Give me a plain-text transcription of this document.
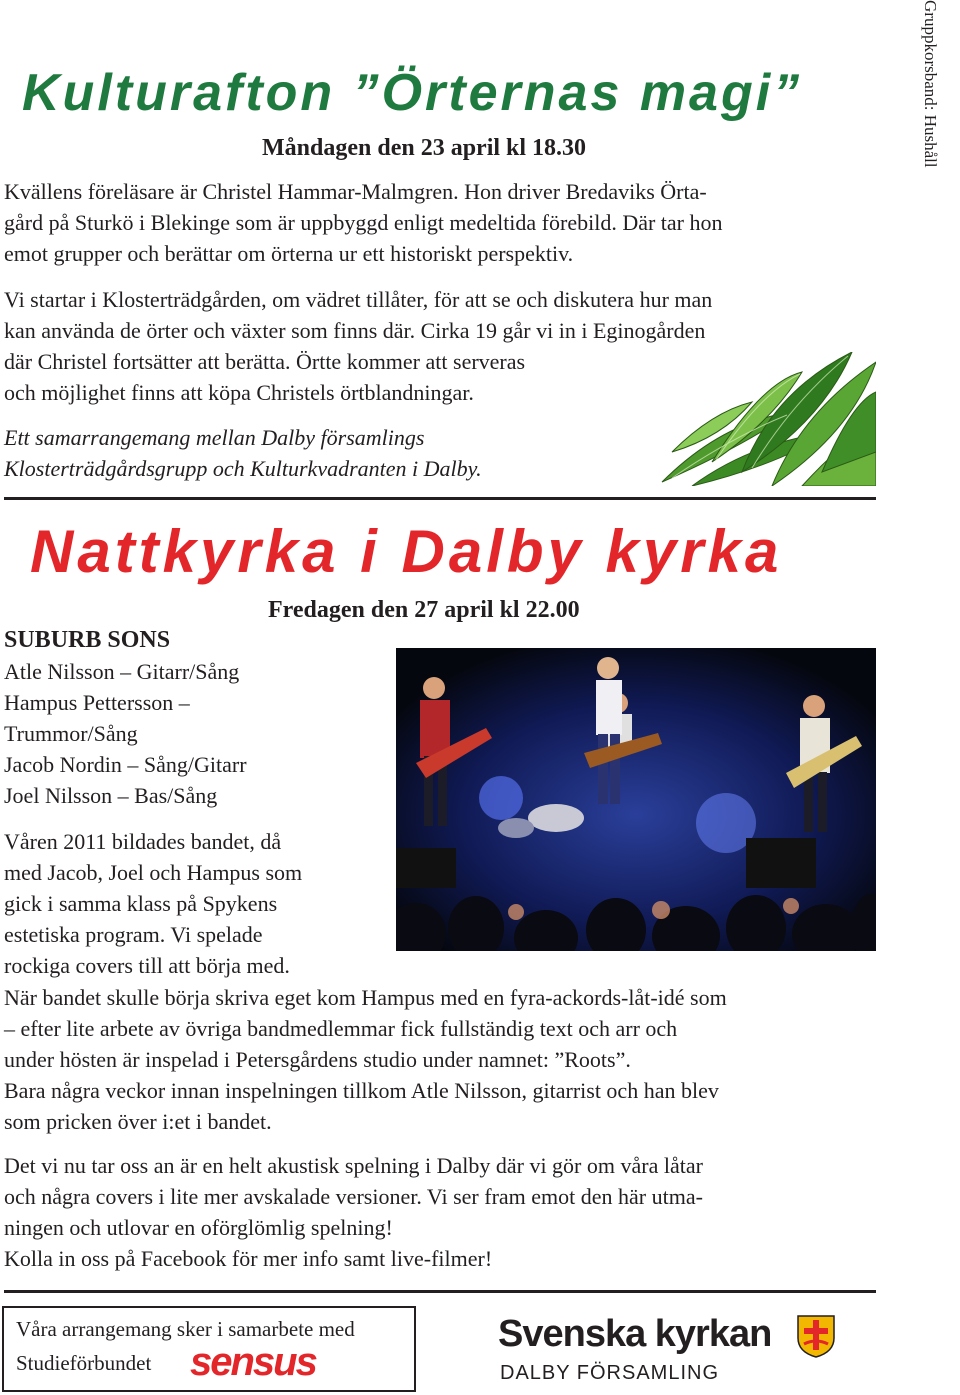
Gruppkorsband: Hushåll
Kulturafton ”Örternas magi”
Måndagen den 23 april kl 18.30

Kvällens föreläsare är Christel Hammar-Malmgren. Hon driver Bredaviks Örta-

gård på Sturkö i Blekinge som är uppbyggd enligt medeltida förebild. Där tar hon

emot grupper och berättar om örterna ur ett historiskt perspektiv.

Vi startar i Klosterträdgården, om vädret tillåter, för att se och diskutera hur man

kan använda de örter och växter som finns där. Cirka 19 går vi in i Eginogården

där Christel fortsätter att berätta. Örtte kommer att serveras

och möjlighet finns att köpa Christels örtblandningar.

Ett samarrangemang mellan Dalby församlings

Klosterträdgårdsgrupp och Kulturkvadranten i Dalby.

Nattkyrka i Dalby kyrka
Fredagen den 27 april kl 22.00
SUBURB SONS

Atle Nilsson – Gitarr/Sång

Hampus Pettersson –

Trummor/Sång

Jacob Nordin – Sång/Gitarr

Joel Nilsson – Bas/Sång

Våren 2011 bildades bandet, då

med Jacob, Joel och Hampus som

gick i samma klass på Spykens

estetiska program. Vi spelade

rockiga covers till att börja med.

När bandet skulle börja skriva eget kom Hampus med en fyra-ackords-låt-idé som

– efter lite arbete av övriga bandmedlemmar fick fullständig text och arr och

under hösten är inspelad i Petersgårdens studio under namnet: ”Roots”.

Bara några veckor innan inspelningen tillkom Atle Nilsson, gitarrist och han blev

som pricken över i:et i bandet.

Det vi nu tar oss an är en helt akustisk spelning i Dalby där vi gör om våra låtar

och några covers i lite mer avskalade versioner. Vi ser fram emot den här utma-

ningen och utlovar en oförglömlig spelning!

Kolla in oss på Facebook för mer info samt live-filmer!

Våra arrangemang sker i samarbete med
Studieförbundet sensus
Svenska kyrkan
DALBY FÖRSAMLING
